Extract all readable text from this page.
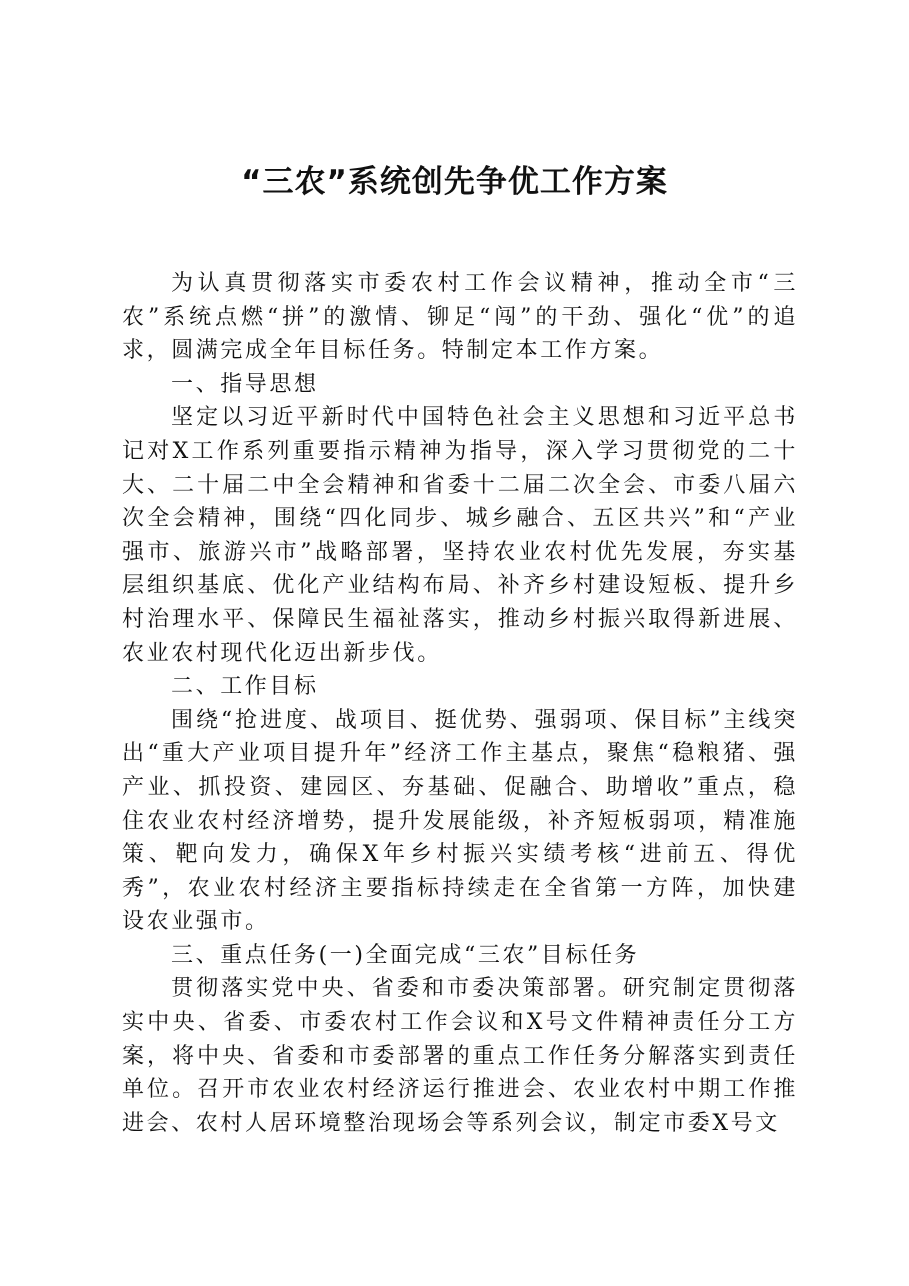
“三农”系统创先争优工作方案

为认真贯彻落实市委农村工作会议精神，推动全市“三农”系统点燃“拼”的激情、铆足“闯”的干劲、强化“优”的追求，圆满完成全年目标任务。特制定本工作方案。

一、指导思想

坚定以习近平新时代中国特色社会主义思想和习近平总书记对X工作系列重要指示精神为指导，深入学习贯彻党的二十大、二十届二中全会精神和省委十二届二次全会、市委八届六次全会精神，围绕“四化同步、城乡融合、五区共兴”和“产业强市、旅游兴市”战略部署，坚持农业农村优先发展，夯实基层组织基底、优化产业结构布局、补齐乡村建设短板、提升乡村治理水平、保障民生福祉落实，推动乡村振兴取得新进展、农业农村现代化迈出新步伐。

二、工作目标

围绕“抢进度、战项目、挺优势、强弱项、保目标”主线突出“重大产业项目提升年”经济工作主基点，聚焦“稳粮猪、强产业、抓投资、建园区、夯基础、促融合、助增收”重点，稳住农业农村经济增势，提升发展能级，补齐短板弱项，精准施策、靶向发力，确保X年乡村振兴实绩考核“进前五、得优秀”，农业农村经济主要指标持续走在全省第一方阵，加快建设农业强市。

三、重点任务(一)全面完成“三农”目标任务

贯彻落实党中央、省委和市委决策部署。研究制定贯彻落实中央、省委、市委农村工作会议和X号文件精神责任分工方案，将中央、省委和市委部署的重点工作任务分解落实到责任单位。召开市农业农村经济运行推进会、农业农村中期工作推进会、农村人居环境整治现场会等系列会议，制定市委X号文
